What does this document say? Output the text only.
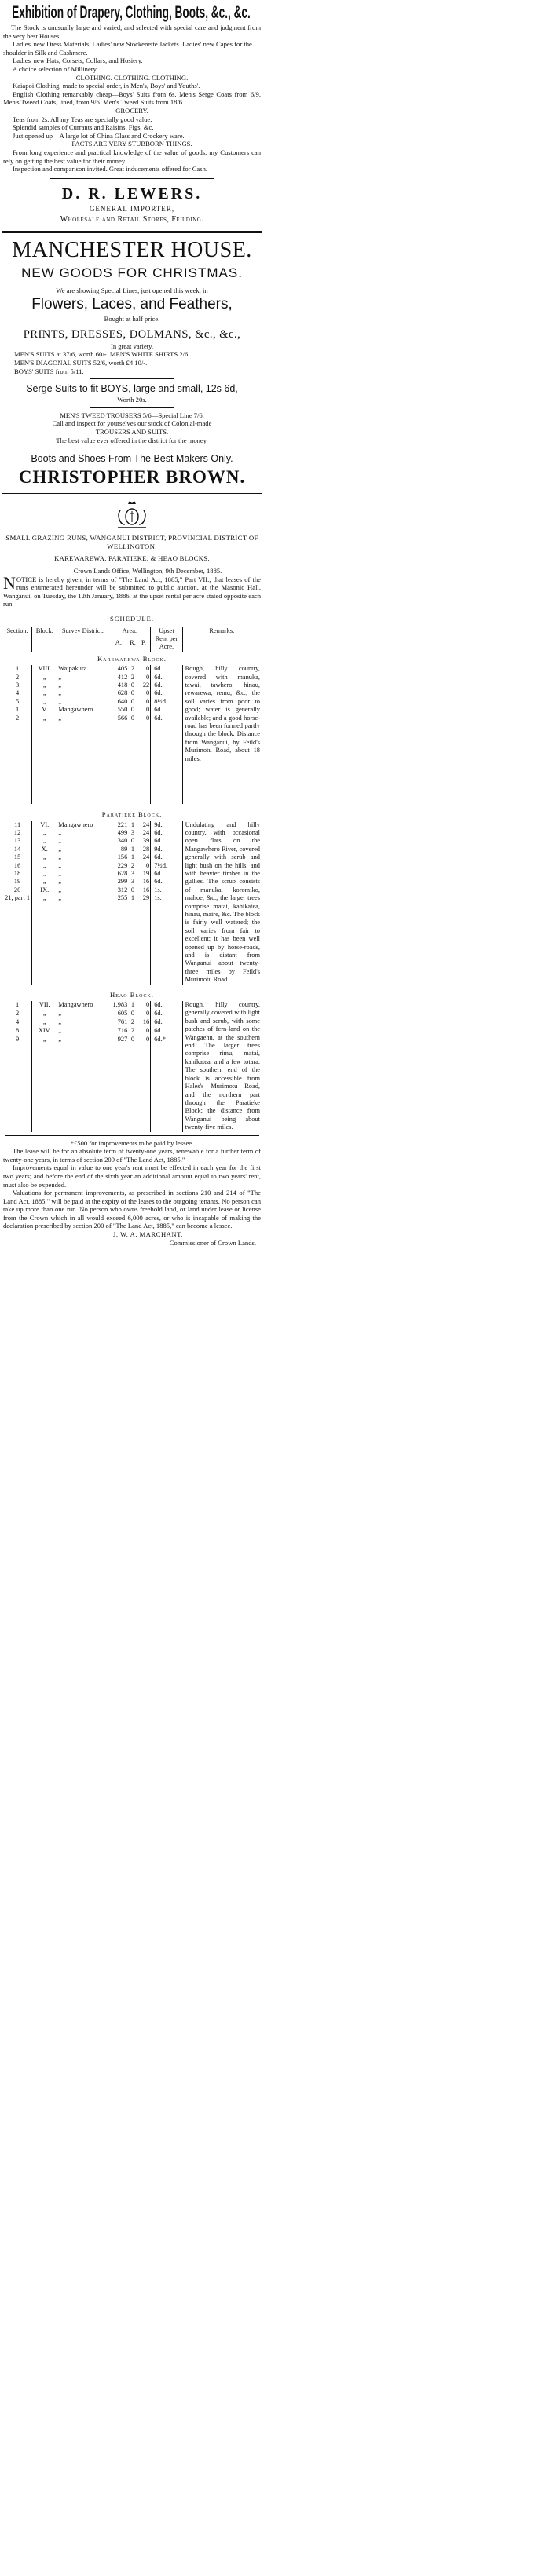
Exhibition of Drapery, Clothing, Boots, &c., &c.
The Stock is unusually large and varied, and selected with special care and judgment from the very best Houses.
Ladies' new Dress Materials. Ladies' new Stockenette Jackets. Ladies' new Capes for the shoulder in Silk and Cashmere.
Ladies' new Hats, Corsets, Collars, and Hosiery.
A choice selection of Millinery.
CLOTHING. CLOTHING. CLOTHING.
Kaiapoi Clothing, made to special order, in Men's, Boys' and Youths'.
English Clothing remarkably cheap—Boys' Suits from 6s. Men's Serge Coats from 6/9. Men's Tweed Coats, lined, from 9/6. Men's Tweed Suits from 18/6.
GROCERY.
Teas from 2s. All my Teas are specially good value.
Splendid samples of Currants and Raisins, Figs, &c.
Just opened up—A large lot of China Glass and Crockery ware.
FACTS ARE VERY STUBBORN THINGS.
From long experience and practical knowledge of the value of goods, my Customers can rely on getting the best value for their money.
Inspection and comparison invited. Great inducements offered for Cash.
D. R. LEWERS.
GENERAL IMPORTER,
Wholesale and Retail Stores, Feilding.
MANCHESTER HOUSE.
NEW GOODS FOR CHRISTMAS.
We are showing Special Lines, just opened this week, in
Flowers, Laces, and Feathers,
Bought at half price.
PRINTS, DRESSES, DOLMANS, &c., &c.,
In great variety.
MEN'S SUITS at 37/6, worth 60/-. MEN'S WHITE SHIRTS 2/6.
MEN'S DIAGONAL SUITS 52/6, worth £4 10/-.
BOYS' SUITS from 5/11.
Serge Suits to fit BOYS, large and small, 12s 6d,
Worth 20s.
MEN'S TWEED TROUSERS 5/6—Special Line 7/6.
Call and inspect for yourselves our stock of Colonial-made
TROUSERS AND SUITS.
The best value ever offered in the district for the money.
Boots and Shoes From The Best Makers Only.
CHRISTOPHER BROWN.
SMALL GRAZING RUNS, WANGANUI DISTRICT, PROVINCIAL DISTRICT OF WELLINGTON.
KAREWAREWA, PARATIEKE, & HEAO BLOCKS.
Crown Lands Office, Wellington, 9th December, 1885.
NOTICE is hereby given, in terms of "The Land Act, 1885," Part VII., that leases of the runs enumerated hereunder will be submitted to public auction, at the Masonic Hall, Wanganui, on Tuesday, the 12th January, 1886, at the upset rental per acre stated opposite each run.
SCHEDULE.
Section.	Block.	Survey District.	Area.			Upset Rent per Acre.	Remarks.
			A.	R.	P.		
Karewarewa Block.							
1	VIII.	Waipakura...	405	2	0	6d.	Rough, hilly country, covered with manuka, tawai, tawhero, hinau, rewarewa, remu, &c.; the soil varies from poor to good; water is generally available; and a good horse-road has been formed partly through the block. Distance from Wanganui, by Feild's Murimotu Road, about 18 miles.
2	„	„	412	2	0	6d.	
3	„	„	418	0	22	6d.	
4	„	„	628	0	0	6d.	
5	„	„	640	0	0	8½d.	
1	V.	Mangawhero	550	0	0	6d.	
2	„	„	566	0	0	6d.	

Paratieke Block.							
11	VI.	Mangawhero	221	1	24	9d.	Undulating and hilly country, with occasional open flats on the Mangawhero River, covered generally with scrub and light bush on the hills, and with heavier timber in the gullies. The scrub consists of manuka, koromiko, mahoe, &c.; the larger trees comprise matai, kahikatea, hinau, maire, &c. The block is fairly well watered; the soil varies from fair to excellent; it has been well opened up by horse-roads, and is distant from Wanganui about twenty-three miles by Feild's Murimotu Road.
12	„	„	499	3	24	6d.	
13	„	„	340	0	39	6d.	
14	X.	„	89	1	28	9d.	
15	„	„	156	1	24	6d.	
16	„	„	229	2	0	7½d.	
18	„	„	628	3	19	6d.	
19	„	„	299	3	16	6d.	
20	IX.	„	312	0	16	1s.	
21, part 1	„	„	255	1	29	1s.	

Heao Block.							
1	VII.	Mangawhero	1,983	1	0	6d.	Rough, hilly country, generally covered with light bush and scrub, with some patches of fern-land on the Wangaehu, at the southern end. The larger trees comprise rimu, matai, kahikatea, and a few totara. The southern end of the block is accessible from Hales's Murimotu Road, and the northern part through the Paratieke Block; the distance from Wanganui being about twenty-five miles.
2	„	„	605	0	0	6d.	
4	„	„	761	2	16	6d.	
8	XIV.	„	716	2	0	6d.	
9	„	„	927	0	0	6d.*	

*£500 for improvements to be paid by lessee.
The lease will be for an absolute term of twenty-one years, renewable for a further term of twenty-one years, in terms of section 209 of "The Land Act, 1885."
Improvements equal in value to one year's rent must be effected in each year for the first two years; and before the end of the sixth year an additional amount equal to two years' rent, must also be expended.
Valuations for permanent improvements, as prescribed in sections 210 and 214 of "The Land Act, 1885," will be paid at the expiry of the leases to the outgoing tenants. No person can take up more than one run. No person who owns freehold land, or land under lease or license from the Crown which in all would exceed 6,000 acres, or who is incapable of making the declaration prescribed by section 200 of "The Land Act, 1885," can become a lessee.
J. W. A. MARCHANT,
Commissioner of Crown Lands.
